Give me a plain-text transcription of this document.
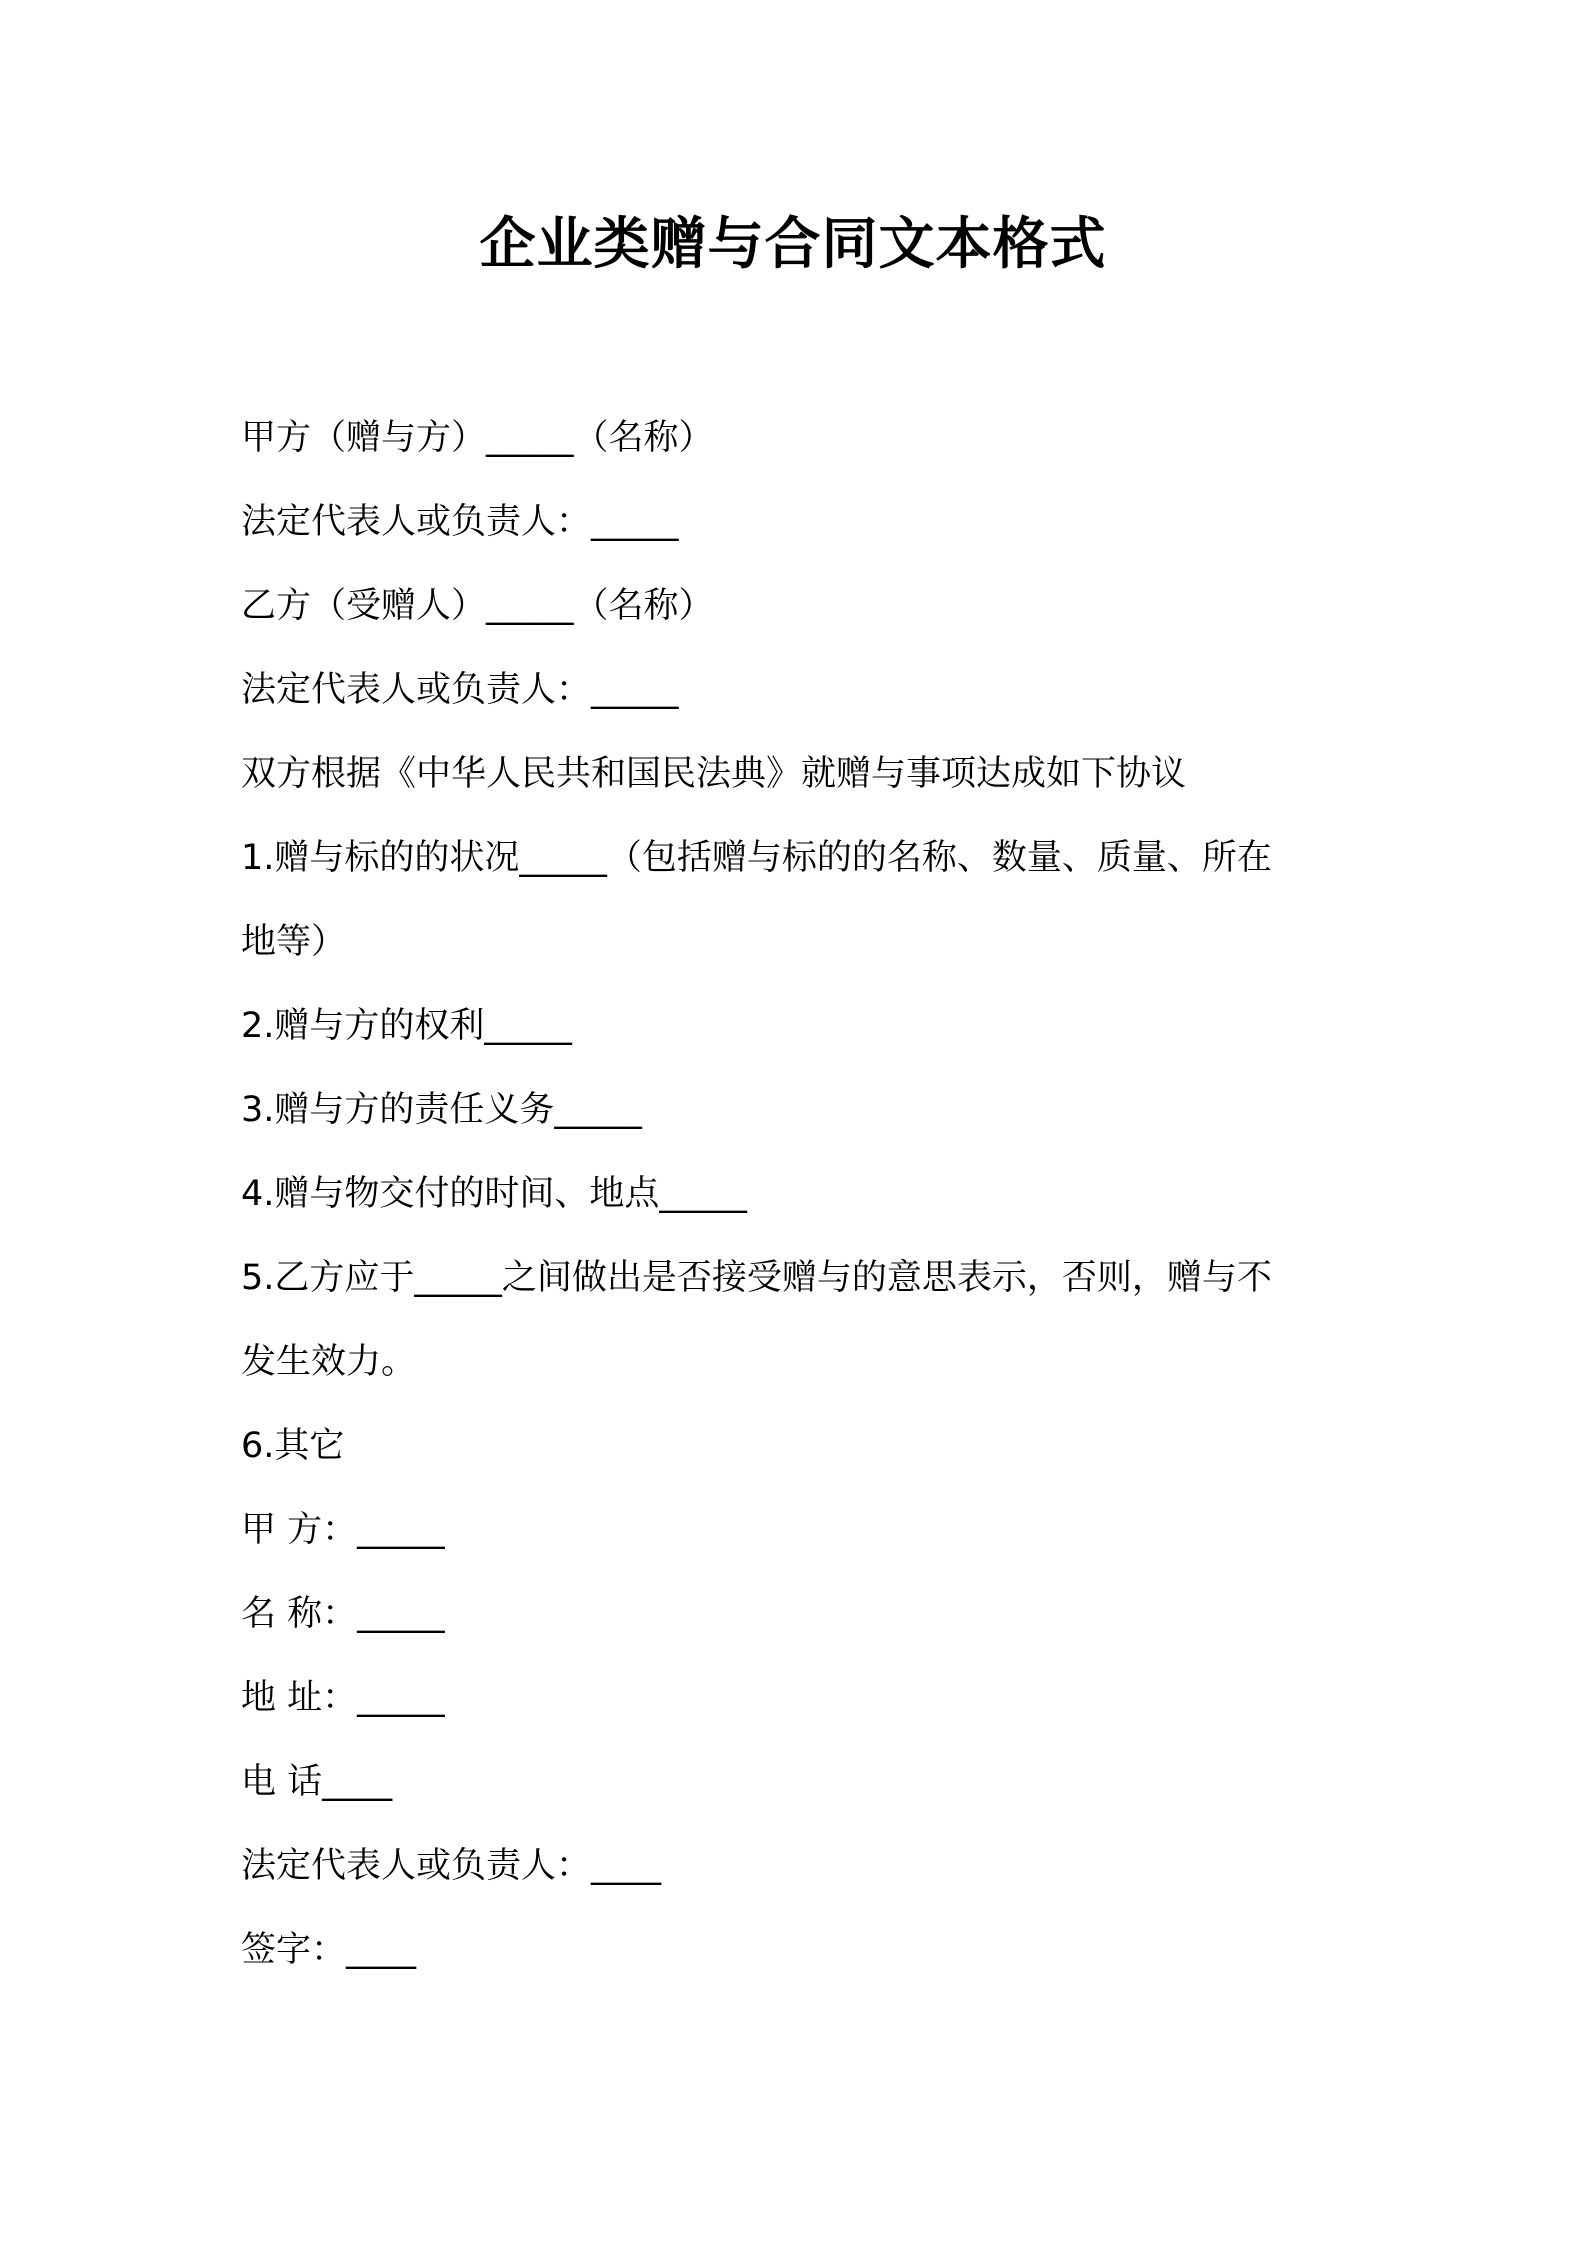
企业类赠与合同文本格式
甲方（赠与方）_____（名称）
法定代表人或负责人：_____
乙方（受赠人）_____（名称）
法定代表人或负责人：_____
双方根据《中华人民共和国民法典》就赠与事项达成如下协议
1.赠与标的的状况_____（包括赠与标的的名称、数量、质量、所在
地等）
2.赠与方的权利_____
3.赠与方的责任义务_____
4.赠与物交付的时间、地点_____
5.乙方应于_____之间做出是否接受赠与的意思表示，否则，赠与不
发生效力。
6.其它
甲 方：_____
名 称：_____
地 址：_____
电 话____
法定代表人或负责人：____
签字：____
